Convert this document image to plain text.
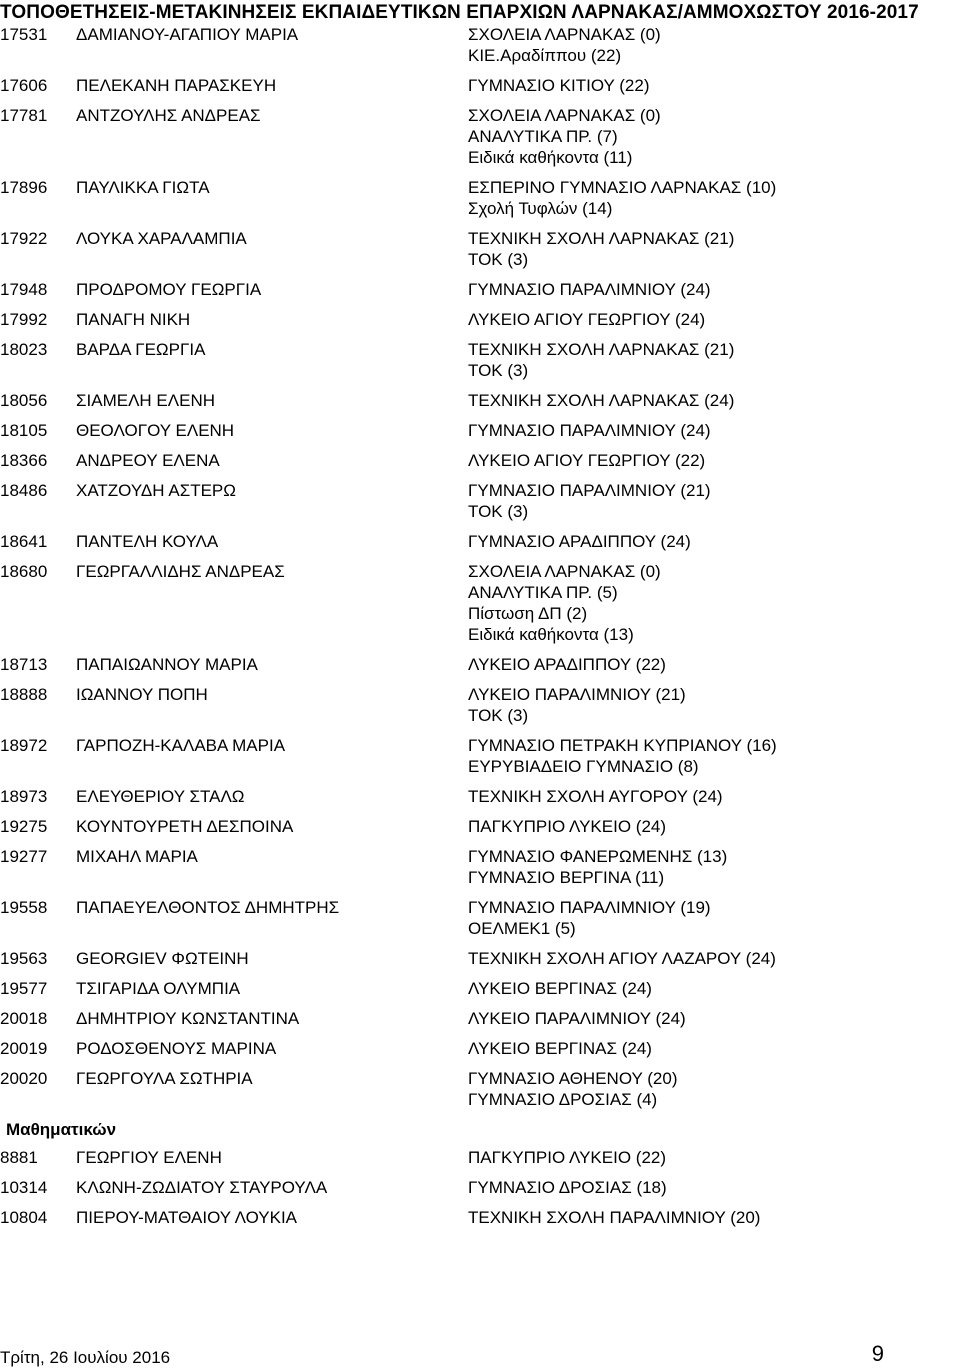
ΤΟΠΟΘΕΤΗΣΕΙΣ-ΜΕΤΑΚΙΝΗΣΕΙΣ ΕΚΠΑΙΔΕΥΤΙΚΩΝ ΕΠΑΡΧΙΩΝ ΛΑΡΝΑΚΑΣ/ΑΜΜΟΧΩΣΤΟΥ 2016-2017
17531	ΔΑΜΙΑΝΟΥ-ΑΓΑΠΙΟΥ ΜΑΡΙΑ	ΣΧΟΛΕΙΑ ΛΑΡΝΑΚΑΣ (0)
ΚΙΕ.Αραδίππου (22)
17606	ΠΕΛΕΚΑΝΗ ΠΑΡΑΣΚΕΥΗ	ΓΥΜΝΑΣΙΟ ΚΙΤΙΟΥ (22)
17781	ΑΝΤΖΟΥΛΗΣ ΑΝΔΡΕΑΣ	ΣΧΟΛΕΙΑ ΛΑΡΝΑΚΑΣ (0)
ΑΝΑΛΥΤΙΚΑ ΠΡ. (7)
Ειδικά καθήκοντα (11)
17896	ΠΑΥΛΙΚΚΑ ΓΙΩΤΑ	ΕΣΠΕΡΙΝΟ ΓΥΜΝΑΣΙΟ ΛΑΡΝΑΚΑΣ (10)
Σχολή Τυφλών (14)
17922	ΛΟΥΚΑ ΧΑΡΑΛΑΜΠΙΑ	ΤΕΧΝΙΚΗ ΣΧΟΛΗ ΛΑΡΝΑΚΑΣ (21)
ΤΟΚ (3)
17948	ΠΡΟΔΡΟΜΟΥ ΓΕΩΡΓΙΑ	ΓΥΜΝΑΣΙΟ ΠΑΡΑΛΙΜΝΙΟΥ (24)
17992	ΠΑΝΑΓΗ ΝΙΚΗ	ΛΥΚΕΙΟ ΑΓΙΟΥ ΓΕΩΡΓΙΟΥ (24)
18023	ΒΑΡΔΑ ΓΕΩΡΓΙΑ	ΤΕΧΝΙΚΗ ΣΧΟΛΗ ΛΑΡΝΑΚΑΣ (21)
ΤΟΚ (3)
18056	ΣΙΑΜΕΛΗ ΕΛΕΝΗ	ΤΕΧΝΙΚΗ ΣΧΟΛΗ ΛΑΡΝΑΚΑΣ (24)
18105	ΘΕΟΛΟΓΟΥ ΕΛΕΝΗ	ΓΥΜΝΑΣΙΟ ΠΑΡΑΛΙΜΝΙΟΥ (24)
18366	ΑΝΔΡΕΟΥ ΕΛΕΝΑ	ΛΥΚΕΙΟ ΑΓΙΟΥ ΓΕΩΡΓΙΟΥ (22)
18486	ΧΑΤΖΟΥΔΗ ΑΣΤΕΡΩ	ΓΥΜΝΑΣΙΟ ΠΑΡΑΛΙΜΝΙΟΥ (21)
ΤΟΚ (3)
18641	ΠΑΝΤΕΛΗ ΚΟΥΛΑ	ΓΥΜΝΑΣΙΟ ΑΡΑΔΙΠΠΟΥ (24)
18680	ΓΕΩΡΓΑΛΛΙΔΗΣ ΑΝΔΡΕΑΣ	ΣΧΟΛΕΙΑ ΛΑΡΝΑΚΑΣ (0)
ΑΝΑΛΥΤΙΚΑ ΠΡ. (5)
Πίστωση ΔΠ (2)
Ειδικά καθήκοντα (13)
18713	ΠΑΠΑΙΩΑΝΝΟΥ ΜΑΡΙΑ	ΛΥΚΕΙΟ ΑΡΑΔΙΠΠΟΥ (22)
18888	ΙΩΑΝΝΟΥ ΠΟΠΗ	ΛΥΚΕΙΟ ΠΑΡΑΛΙΜΝΙΟΥ (21)
ΤΟΚ (3)
18972	ΓΑΡΠΟΖΗ-ΚΑΛΑΒΑ ΜΑΡΙΑ	ΓΥΜΝΑΣΙΟ ΠΕΤΡΑΚΗ ΚΥΠΡΙΑΝΟΥ (16)
ΕΥΡΥΒΙΑΔΕΙΟ ΓΥΜΝΑΣΙΟ (8)
18973	ΕΛΕΥΘΕΡΙΟΥ ΣΤΑΛΩ	ΤΕΧΝΙΚΗ ΣΧΟΛΗ ΑΥΓΟΡΟΥ (24)
19275	ΚΟΥΝΤΟΥΡΕΤΗ ΔΕΣΠΟΙΝΑ	ΠΑΓΚΥΠΡΙΟ ΛΥΚΕΙΟ (24)
19277	ΜΙΧΑΗΛ ΜΑΡΙΑ	ΓΥΜΝΑΣΙΟ ΦΑΝΕΡΩΜΕΝΗΣ (13)
ΓΥΜΝΑΣΙΟ ΒΕΡΓΙΝΑ (11)
19558	ΠΑΠΑΕΥΕΛΘΟΝΤΟΣ ΔΗΜΗΤΡΗΣ	ΓΥΜΝΑΣΙΟ ΠΑΡΑΛΙΜΝΙΟΥ (19)
ΟΕΛΜΕΚ1 (5)
19563	GEORGIEV ΦΩΤΕΙΝΗ	ΤΕΧΝΙΚΗ ΣΧΟΛΗ ΑΓΙΟΥ ΛΑΖΑΡΟΥ (24)
19577	ΤΣΙΓΑΡΙΔΑ ΟΛΥΜΠΙΑ	ΛΥΚΕΙΟ ΒΕΡΓΙΝΑΣ (24)
20018	ΔΗΜΗΤΡΙΟΥ ΚΩΝΣΤΑΝΤΙΝΑ	ΛΥΚΕΙΟ ΠΑΡΑΛΙΜΝΙΟΥ (24)
20019	ΡΟΔΟΣΘΕΝΟΥΣ ΜΑΡΙΝΑ	ΛΥΚΕΙΟ ΒΕΡΓΙΝΑΣ (24)
20020	ΓΕΩΡΓΟΥΛΑ ΣΩΤΗΡΙΑ	ΓΥΜΝΑΣΙΟ ΑΘΗΕΝΟΥ (20)
ΓΥΜΝΑΣΙΟ ΔΡΟΣΙΑΣ (4)
Μαθηματικών
8881	ΓΕΩΡΓΙΟΥ ΕΛΕΝΗ	ΠΑΓΚΥΠΡΙΟ ΛΥΚΕΙΟ (22)
10314	ΚΛΩΝΗ-ΖΩΔΙΑΤΟΥ ΣΤΑΥΡΟΥΛΑ	ΓΥΜΝΑΣΙΟ ΔΡΟΣΙΑΣ (18)
10804	ΠΙΕΡΟΥ-ΜΑΤΘΑΙΟΥ ΛΟΥΚΙΑ	ΤΕΧΝΙΚΗ ΣΧΟΛΗ ΠΑΡΑΛΙΜΝΙΟΥ (20)
Τρίτη, 26 Ιουλίου 2016	9
